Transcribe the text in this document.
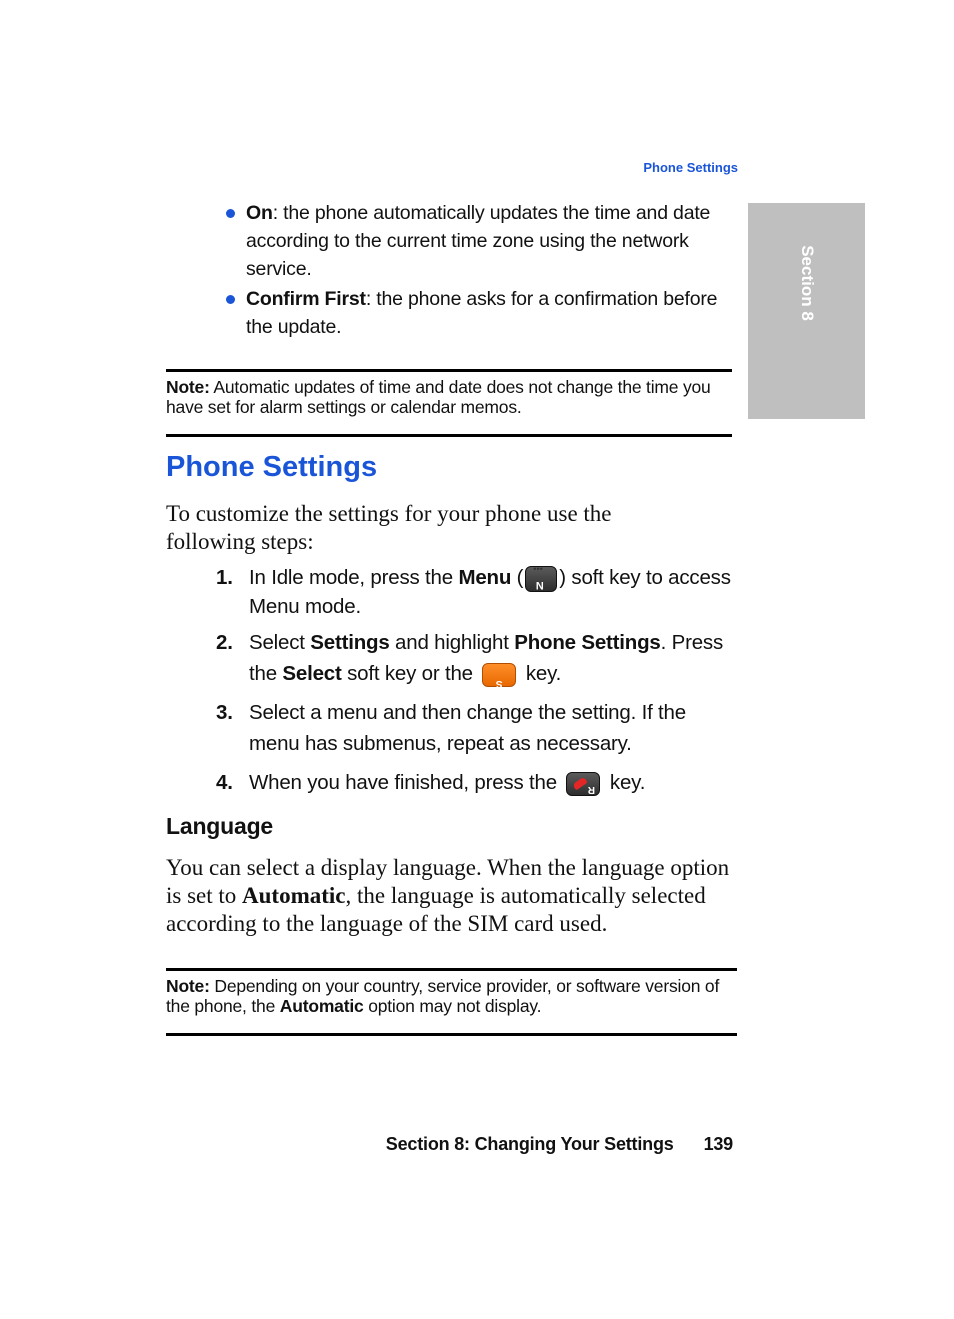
Phone Settings
Section 8
On: the phone automatically updates the time and date according to the current time zone using the network service.
Confirm First: the phone asks for a confirmation before the update.
Note: Automatic updates of time and date does not change the time you have set for alarm settings or calendar memos.
Phone Settings
To customize the settings for your phone use the following steps:
1. In Idle mode, press the Menu (
••• N ) soft key to access Menu mode.
2. Select Settings and highlight Phone Settings. Press the Select soft key or the S key.
3. Select a menu and then change the setting. If the menu has submenus, repeat as necessary.
4. When you have finished, press the	R key.
Language
You can select a display language. When the language option is set to Automatic, the language is automatically selected according to the language of the SIM card used.
Note: Depending on your country, service provider, or software version of the phone, the Automatic option may not display.
Section 8: Changing Your Settings 139
